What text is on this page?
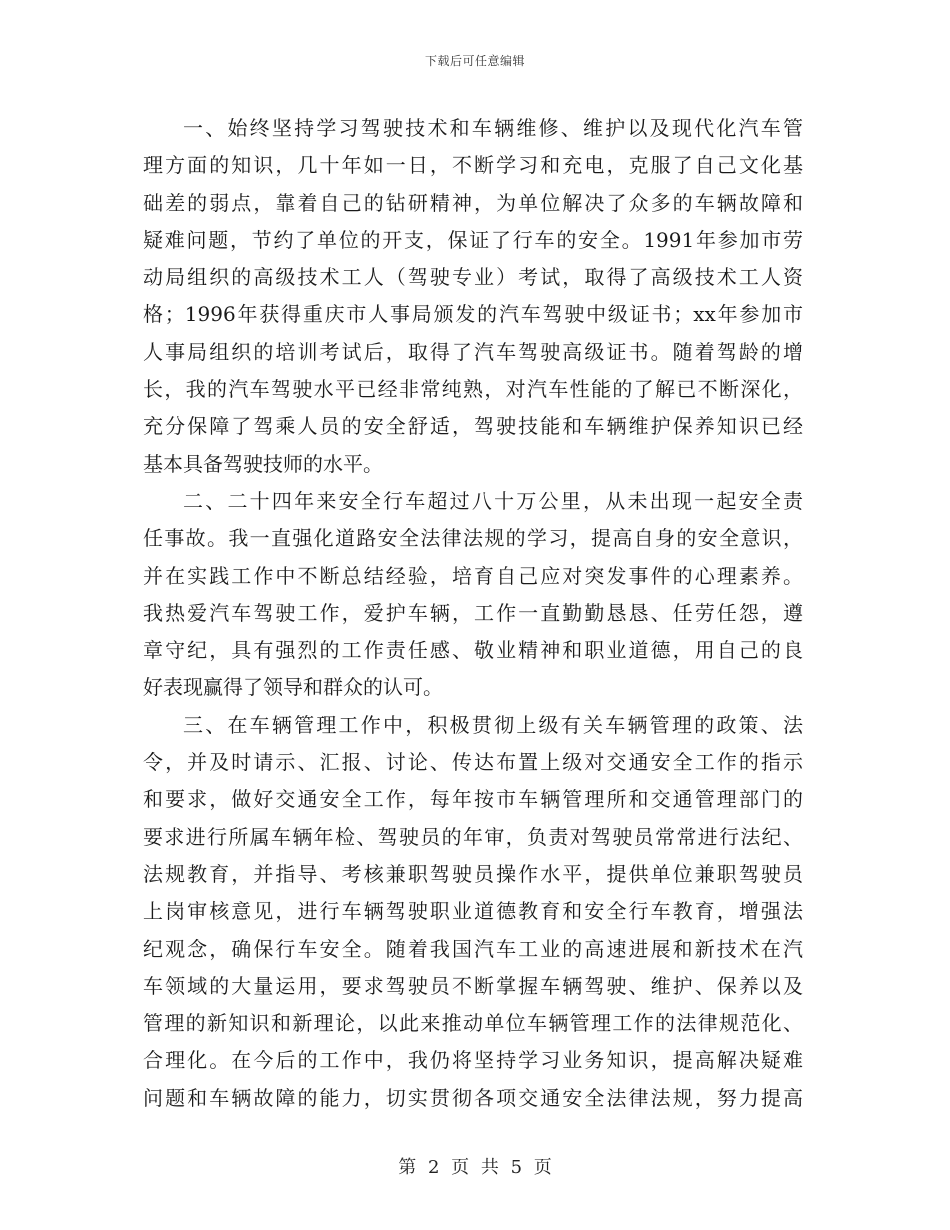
下载后可任意编辑
一、始终坚持学习驾驶技术和车辆维修、维护以及现代化汽车管
理方面的知识，几十年如一日，不断学习和充电，克服了自己文化基
础差的弱点，靠着自己的钻研精神，为单位解决了众多的车辆故障和
疑难问题，节约了单位的开支，保证了行车的安全。1991年参加市劳
动局组织的高级技术工人（驾驶专业）考试，取得了高级技术工人资
格；1996年获得重庆市人事局颁发的汽车驾驶中级证书；xx年参加市
人事局组织的培训考试后，取得了汽车驾驶高级证书。随着驾龄的增
长，我的汽车驾驶水平已经非常纯熟，对汽车性能的了解已不断深化，
充分保障了驾乘人员的安全舒适，驾驶技能和车辆维护保养知识已经
基本具备驾驶技师的水平。
二、二十四年来安全行车超过八十万公里，从未出现一起安全责
任事故。我一直强化道路安全法律法规的学习，提高自身的安全意识，
并在实践工作中不断总结经验，培育自己应对突发事件的心理素养。
我热爱汽车驾驶工作，爱护车辆，工作一直勤勤恳恳、任劳任怨，遵
章守纪，具有强烈的工作责任感、敬业精神和职业道德，用自己的良
好表现赢得了领导和群众的认可。
三、在车辆管理工作中，积极贯彻上级有关车辆管理的政策、法
令，并及时请示、汇报、讨论、传达布置上级对交通安全工作的指示
和要求，做好交通安全工作，每年按市车辆管理所和交通管理部门的
要求进行所属车辆年检、驾驶员的年审，负责对驾驶员常常进行法纪、
法规教育，并指导、考核兼职驾驶员操作水平，提供单位兼职驾驶员
上岗审核意见，进行车辆驾驶职业道德教育和安全行车教育，增强法
纪观念，确保行车安全。随着我国汽车工业的高速进展和新技术在汽
车领域的大量运用，要求驾驶员不断掌握车辆驾驶、维护、保养以及
管理的新知识和新理论，以此来推动单位车辆管理工作的法律规范化、
合理化。在今后的工作中，我仍将坚持学习业务知识，提高解决疑难
问题和车辆故障的能力，切实贯彻各项交通安全法律法规，努力提高
第 2 页 共 5 页
